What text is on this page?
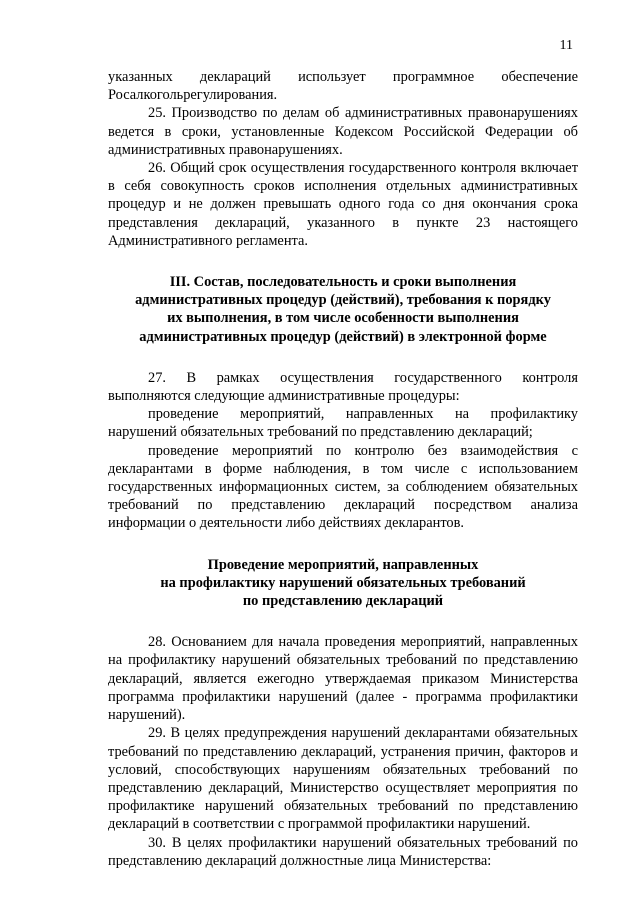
11

указанных деклараций использует программное обеспечение Росалкогольрегулирования.

25. Производство по делам об административных правонарушениях ведется в сроки, установленные Кодексом Российской Федерации об административных правонарушениях.

26. Общий срок осуществления государственного контроля включает в себя совокупность сроков исполнения отдельных административных процедур и не должен превышать одного года со дня окончания срока представления деклараций, указанного в пункте 23 настоящего Административного регламента.

III. Состав, последовательность и сроки выполнения

административных процедур (действий), требования к порядку

их выполнения, в том числе особенности выполнения

административных процедур (действий) в электронной форме

27. В рамках осуществления государственного контроля выполняются следующие административные процедуры:

проведение мероприятий, направленных на профилактику нарушений обязательных требований по представлению деклараций;

проведение мероприятий по контролю без взаимодействия с декларантами в форме наблюдения, в том числе с использованием государственных информационных систем, за соблюдением обязательных требований по представлению деклараций посредством анализа информации о деятельности либо действиях декларантов.

Проведение мероприятий, направленных

на профилактику нарушений обязательных требований

по представлению деклараций

28. Основанием для начала проведения мероприятий, направленных на профилактику нарушений обязательных требований по представлению деклараций, является ежегодно утверждаемая приказом Министерства программа профилактики нарушений (далее - программа профилактики нарушений).

29. В целях предупреждения нарушений декларантами обязательных требований по представлению деклараций, устранения причин, факторов и условий, способствующих нарушениям обязательных требований по представлению деклараций, Министерство осуществляет мероприятия по профилактике нарушений обязательных требований по представлению деклараций в соответствии с программой профилактики нарушений.

30. В целях профилактики нарушений обязательных требований по представлению деклараций должностные лица Министерства:
